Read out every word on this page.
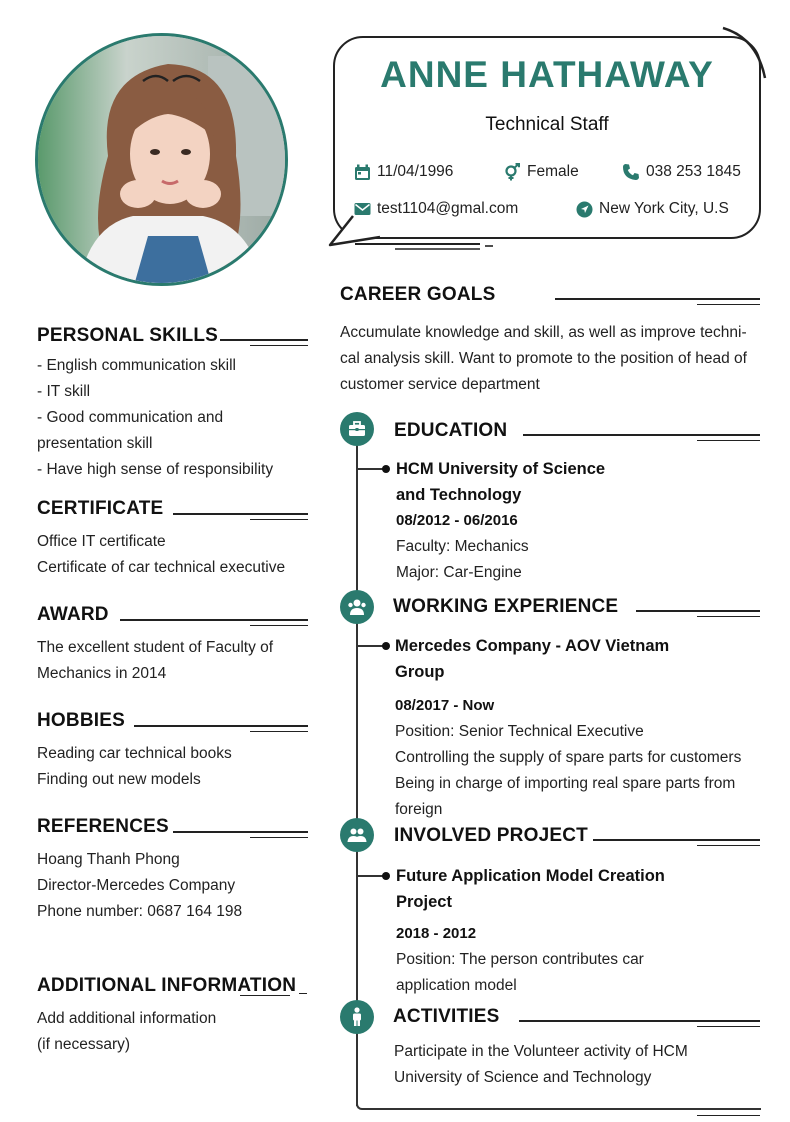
ANNE HATHAWAY
Technical Staff
11/04/1996	Female	038 253 1845
test1104@gmal.com	New York City, U.S
PERSONAL SKILLS
- English communication skill
- IT skill
- Good communication and
presentation skill
- Have high sense of responsibility
CERTIFICATE
Office IT certificate
Certificate of car technical executive
AWARD
The excellent student of Faculty of
Mechanics in 2014
HOBBIES
Reading car technical books
Finding out new models
REFERENCES
Hoang Thanh Phong
Director-Mercedes Company
Phone number: 0687 164 198
ADDITIONAL INFORMATION
Add additional information
(if necessary)
CAREER GOALS
Accumulate knowledge and skill, as well as improve techni-
cal analysis skill. Want to promote to the position of head of
customer service department
EDUCATION
HCM University of Science
and Technology
08/2012 - 06/2016
Faculty: Mechanics
Major: Car-Engine
WORKING EXPERIENCE
Mercedes Company - AOV Vietnam
Group
08/2017 - Now
Position: Senior Technical Executive
Controlling the supply of spare parts for customers
Being in charge of importing real spare parts from
foreign
INVOLVED PROJECT
Future Application Model Creation
Project
2018 - 2012
Position: The person contributes car
application model
ACTIVITIES
Participate in the Volunteer activity of HCM
University of Science and Technology
